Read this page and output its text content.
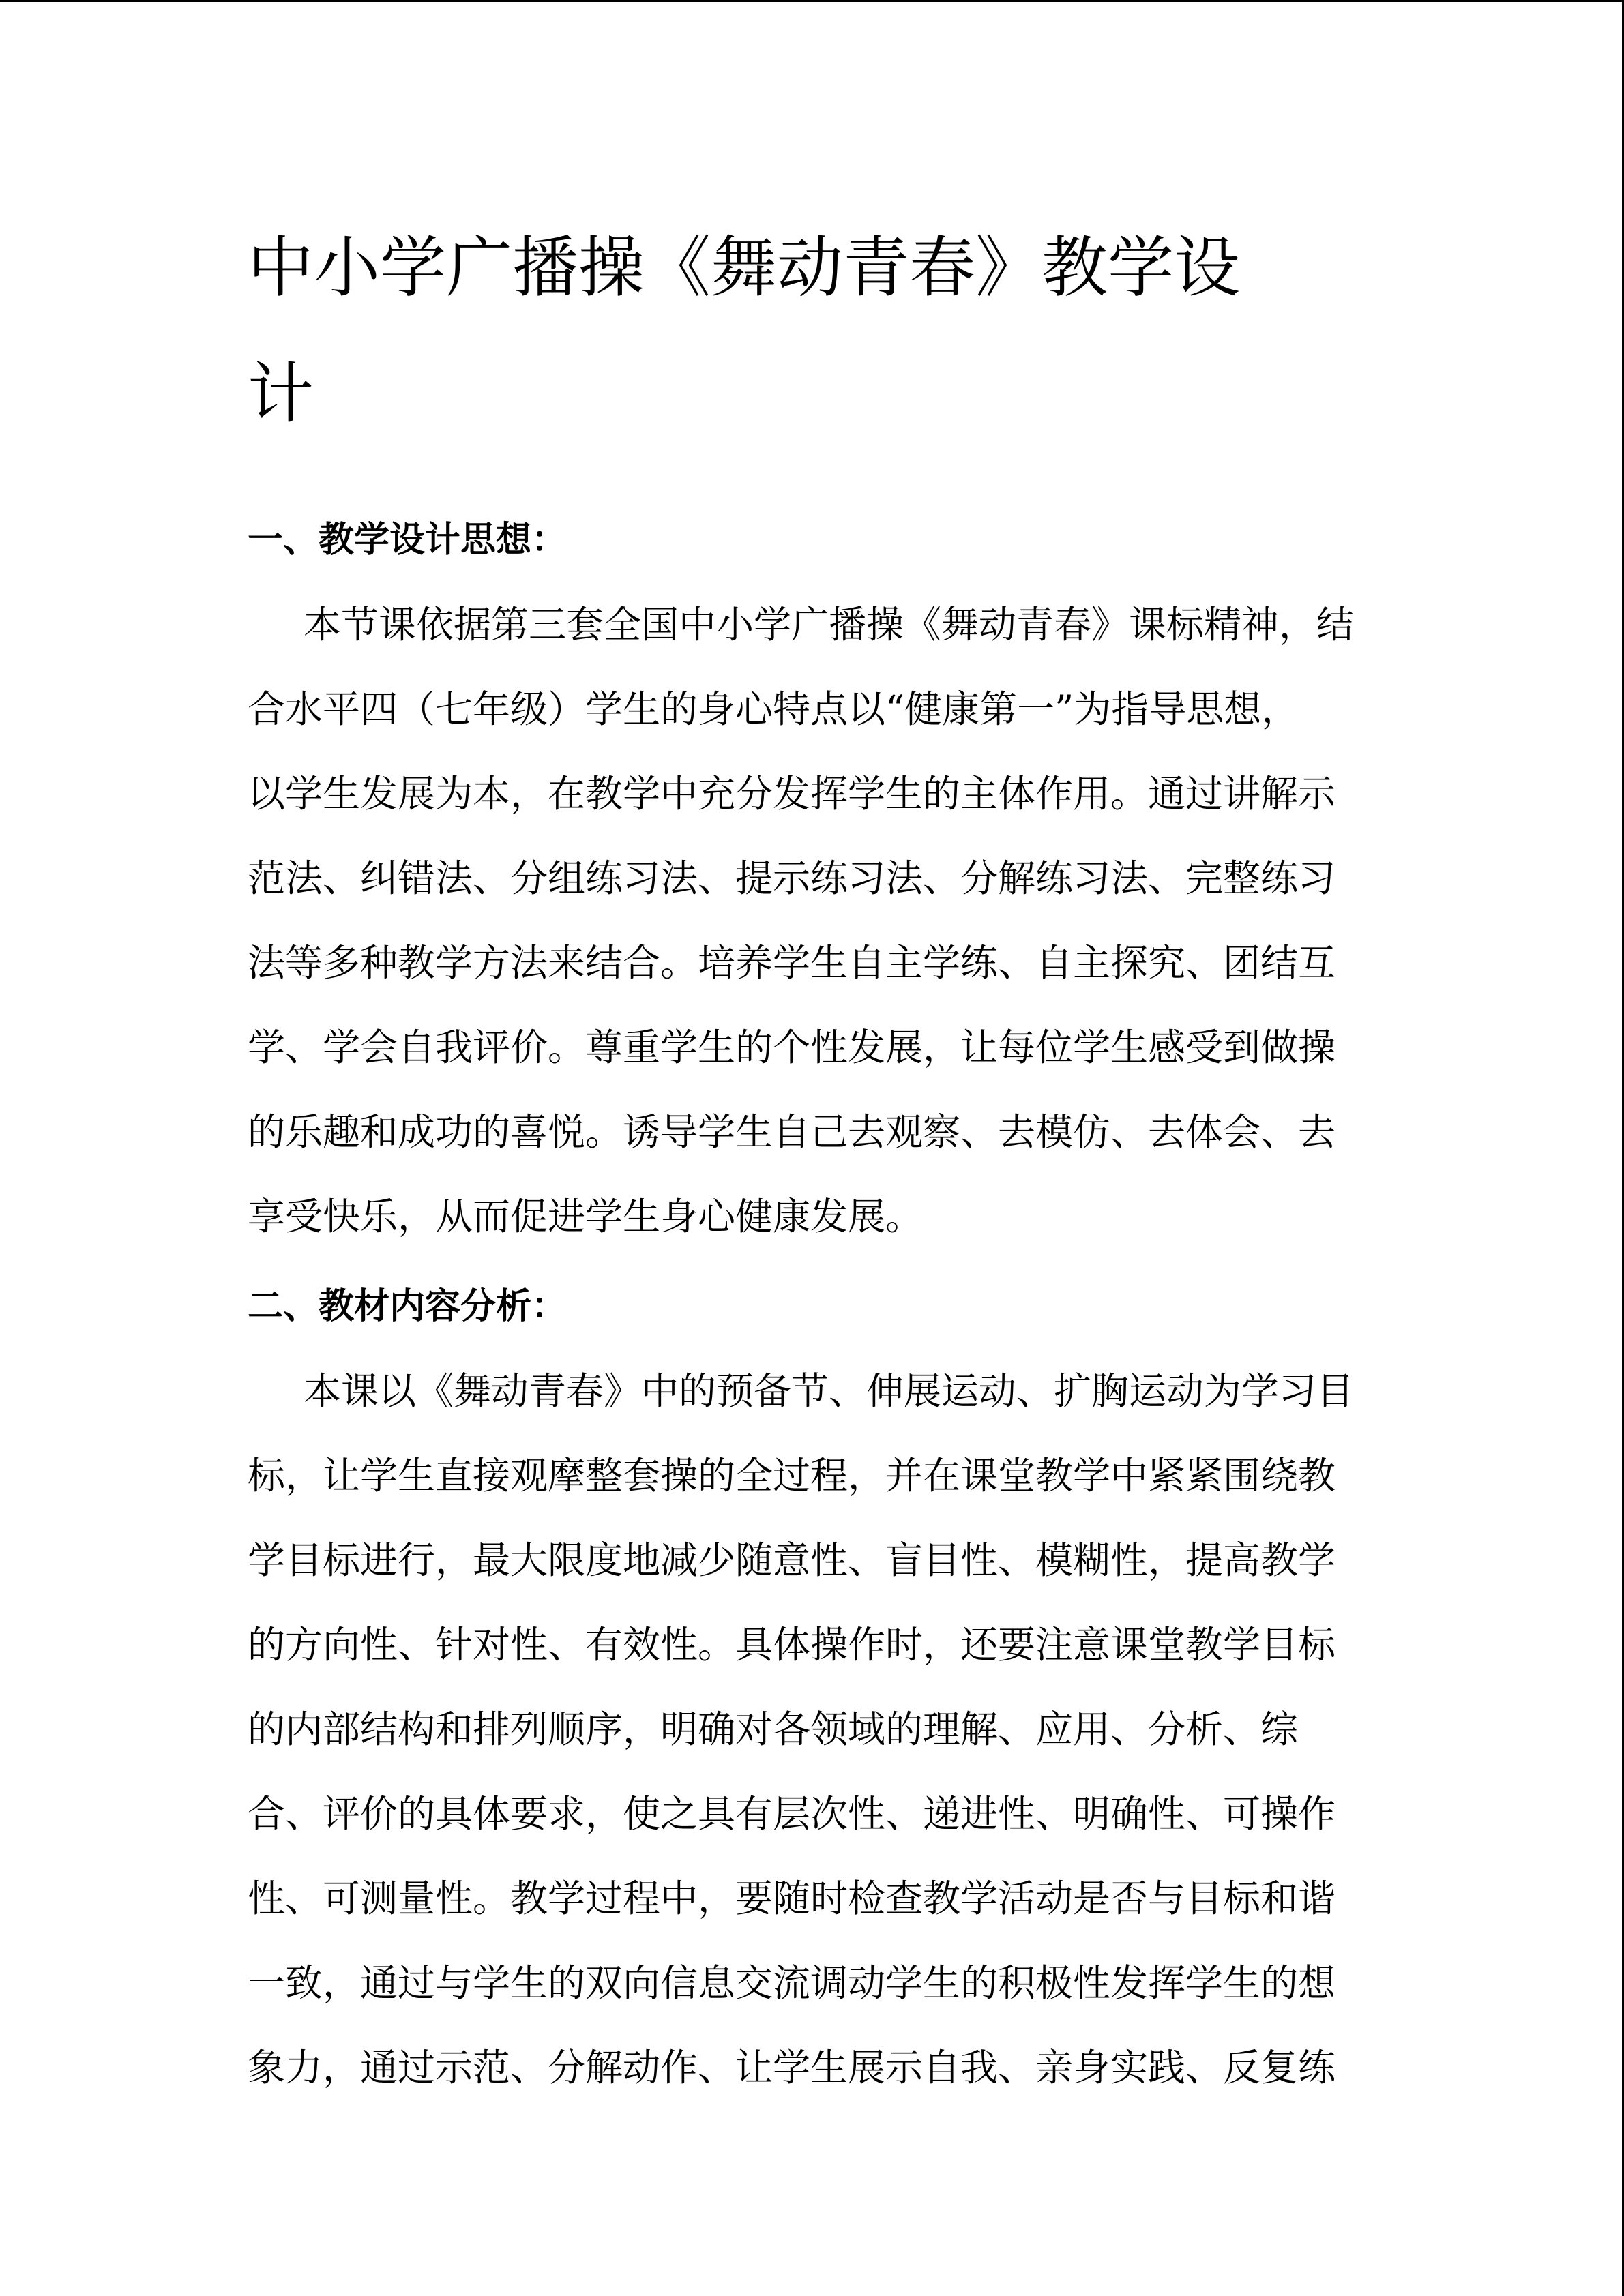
中小学广播操《舞动青春》教学设
计
一、教学设计思想：
本节课依据第三套全国中小学广播操《舞动青春》课标精神，结
合水平四（七年级）学生的身心特点以“健康第一”为指导思想，
以学生发展为本，在教学中充分发挥学生的主体作用。通过讲解示
范法、纠错法、分组练习法、提示练习法、分解练习法、完整练习
法等多种教学方法来结合。培养学生自主学练、自主探究、团结互
学、学会自我评价。尊重学生的个性发展，让每位学生感受到做操
的乐趣和成功的喜悦。诱导学生自己去观察、去模仿、去体会、去
享受快乐，从而促进学生身心健康发展。
二、教材内容分析：
本课以《舞动青春》中的预备节、伸展运动、扩胸运动为学习目
标，让学生直接观摩整套操的全过程，并在课堂教学中紧紧围绕教
学目标进行，最大限度地减少随意性、盲目性、模糊性，提高教学
的方向性、针对性、有效性。具体操作时，还要注意课堂教学目标
的内部结构和排列顺序，明确对各领域的理解、应用、分析、综
合、评价的具体要求，使之具有层次性、递进性、明确性、可操作
性、可测量性。教学过程中，要随时检查教学活动是否与目标和谐
一致，通过与学生的双向信息交流调动学生的积极性发挥学生的想
象力，通过示范、分解动作、让学生展示自我、亲身实践、反复练
